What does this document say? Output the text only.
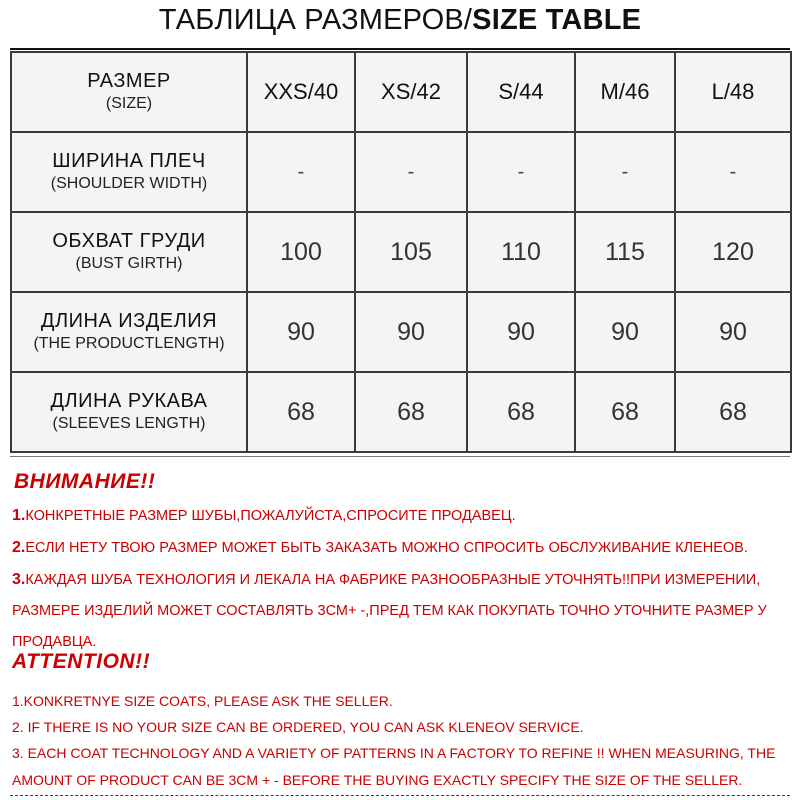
ТАБЛИЦА РАЗМЕРОВ/SIZE TABLE
РАЗМЕР
(SIZE)	XXS/40	XS/42	S/44	M/46	L/48

ШИРИНА ПЛЕЧ
(SHOULDER WIDTH)	-	-	-	-	-

ОБХВАТ ГРУДИ
(BUST GIRTH)	100	105	110	115	120

ДЛИНА ИЗДЕЛИЯ
(THE PRODUCTLENGTH)	90	90	90	90	90

ДЛИНА РУКАВА
(SLEEVES LENGTH)	68	68	68	68	68
ВНИМАНИЕ!!
1.КОНКРЕТНЫЕ РАЗМЕР ШУБЫ,ПОЖАЛУЙСТА,СПРОСИТЕ ПРОДАВЕЦ.
2.ЕСЛИ НЕТУ ТВОЮ РАЗМЕР МОЖЕТ БЫТЬ ЗАКАЗАТЬ МОЖНО СПРОСИТЬ ОБСЛУЖИВАНИЕ КЛЕНЕОВ.
3.КАЖДАЯ ШУБА ТЕХНОЛОГИЯ И ЛЕКАЛА НА ФАБРИКЕ РАЗНООБРАЗНЫЕ УТОЧНЯТЬ!!ПРИ ИЗМЕРЕНИИ, РАЗМЕРЕ ИЗДЕЛИЙ МОЖЕТ СОСТАВЛЯТЬ 3СМ+ -,ПРЕД ТЕМ КАК ПОКУПАТЬ ТОЧНО УТОЧНИТЕ РАЗМЕР У ПРОДАВЦА.
ATTENTION!!
1.KONKRETNYE SIZE COATS, PLEASE ASK THE SELLER.
2. IF THERE IS NO YOUR SIZE CAN BE ORDERED, YOU CAN ASK KLENEOV SERVICE.
3. EACH COAT TECHNOLOGY AND A VARIETY OF PATTERNS IN A FACTORY TO REFINE !! WHEN MEASURING, THE AMOUNT OF PRODUCT CAN BE 3CM + - BEFORE THE BUYING EXACTLY SPECIFY THE SIZE OF THE SELLER.
